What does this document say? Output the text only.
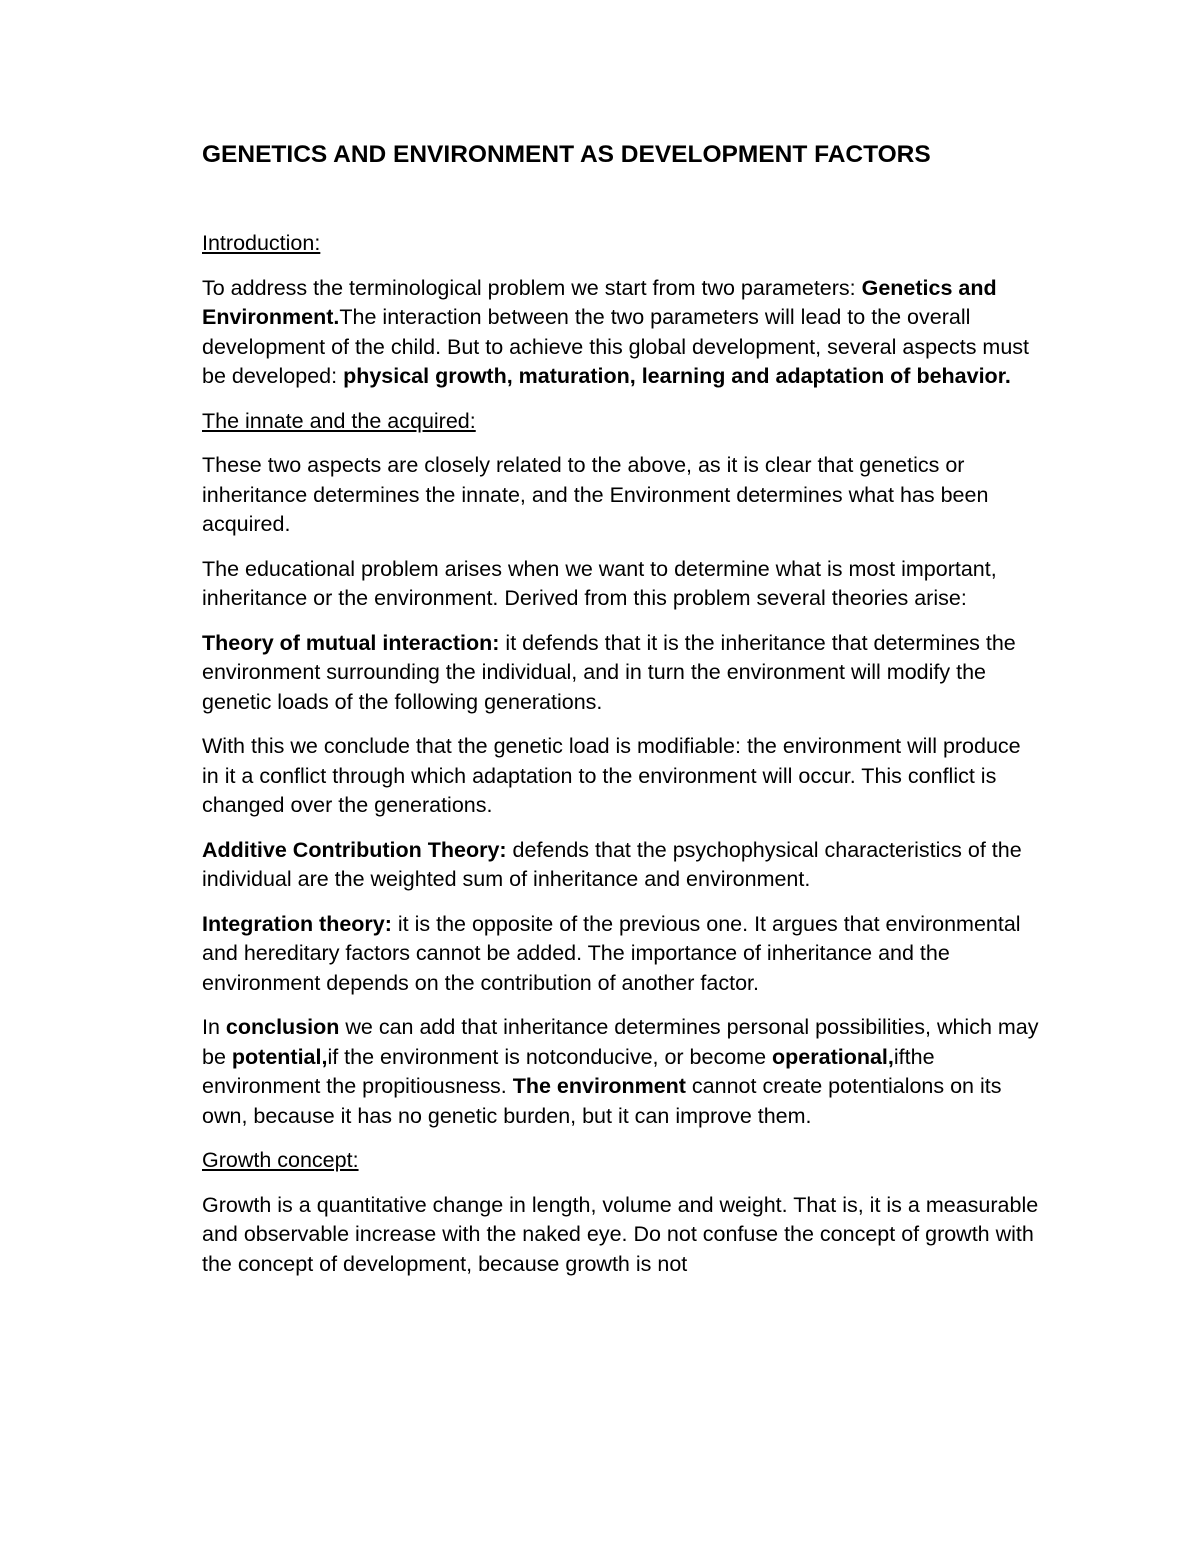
GENETICS AND ENVIRONMENT AS DEVELOPMENT FACTORS
Introduction:

To address the terminological problem we start from two parameters: Genetics and Environment.The interaction between the two parameters will lead to the overall development of the child. But to achieve this global development, several aspects must be developed: physical growth, maturation, learning and adaptation of behavior.

The innate and the acquired:

These two aspects are closely related to the above, as it is clear that genetics or inheritance determines the innate, and the Environment determines what has been acquired.

The educational problem arises when we want to determine what is most important, inheritance or the environment. Derived from this problem several theories arise:

Theory of mutual interaction: it defends that it is the inheritance that determines the environment surrounding the individual, and in turn the environment will modify the genetic loads of the following generations.

With this we conclude that the genetic load is modifiable: the environment will produce in it a conflict through which adaptation to the environment will occur. This conflict is changed over the generations.

Additive Contribution Theory: defends that the psychophysical characteristics of the individual are the weighted sum of inheritance and environment.

Integration theory: it is the opposite of the previous one. It argues that environmental and hereditary factors cannot be added. The importance of inheritance and the environment depends on the contribution of another factor.

In conclusion we can add that inheritance determines personal possibilities, which may be potential,if the environment is notconducive, or become operational,ifthe environment the propitiousness. The environment cannot create potentialons on its own, because it has no genetic burden, but it can improve them.

Growth concept:

Growth is a quantitative change in length, volume and weight. That is, it is a measurable and observable increase with the naked eye. Do not confuse the concept of growth with the concept of development, because growth is not
